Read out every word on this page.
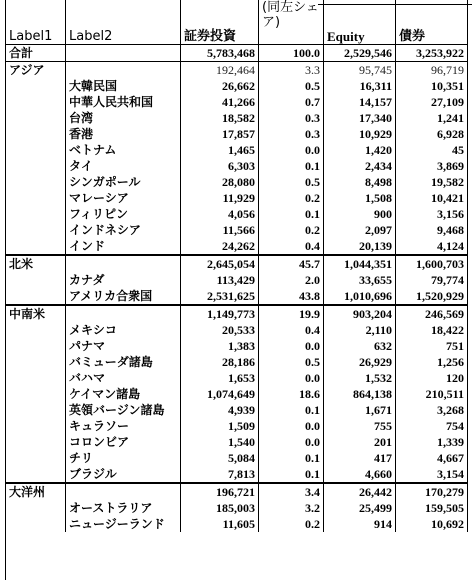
Label1	Label2	証券投資	(同左シェア)	Equity	債券
合計		5,783,468	100.0	2,529,546	3,253,922
アジア		192,464	3.3	95,745	96,719
	大韓民国	26,662	0.5	16,311	10,351
	中華人民共和国	41,266	0.7	14,157	27,109
	台湾	18,582	0.3	17,340	1,241
	香港	17,857	0.3	10,929	6,928
	ベトナム	1,465	0.0	1,420	45
	タイ	6,303	0.1	2,434	3,869
	シンガポール	28,080	0.5	8,498	19,582
	マレーシア	11,929	0.2	1,508	10,421
	フィリピン	4,056	0.1	900	3,156
	インドネシア	11,566	0.2	2,097	9,468
	インド	24,262	0.4	20,139	4,124
北米		2,645,054	45.7	1,044,351	1,600,703
	カナダ	113,429	2.0	33,655	79,774
	アメリカ合衆国	2,531,625	43.8	1,010,696	1,520,929
中南米		1,149,773	19.9	903,204	246,569
	メキシコ	20,533	0.4	2,110	18,422
	パナマ	1,383	0.0	632	751
	バミューダ諸島	28,186	0.5	26,929	1,256
	バハマ	1,653	0.0	1,532	120
	ケイマン諸島	1,074,649	18.6	864,138	210,511
	英領バージン諸島	4,939	0.1	1,671	3,268
	キュラソー	1,509	0.0	755	754
	コロンビア	1,540	0.0	201	1,339
	チリ	5,084	0.1	417	4,667
	ブラジル	7,813	0.1	4,660	3,154
大洋州		196,721	3.4	26,442	170,279
	オーストラリア	185,003	3.2	25,499	159,505
	ニュージーランド	11,605	0.2	914	10,692
